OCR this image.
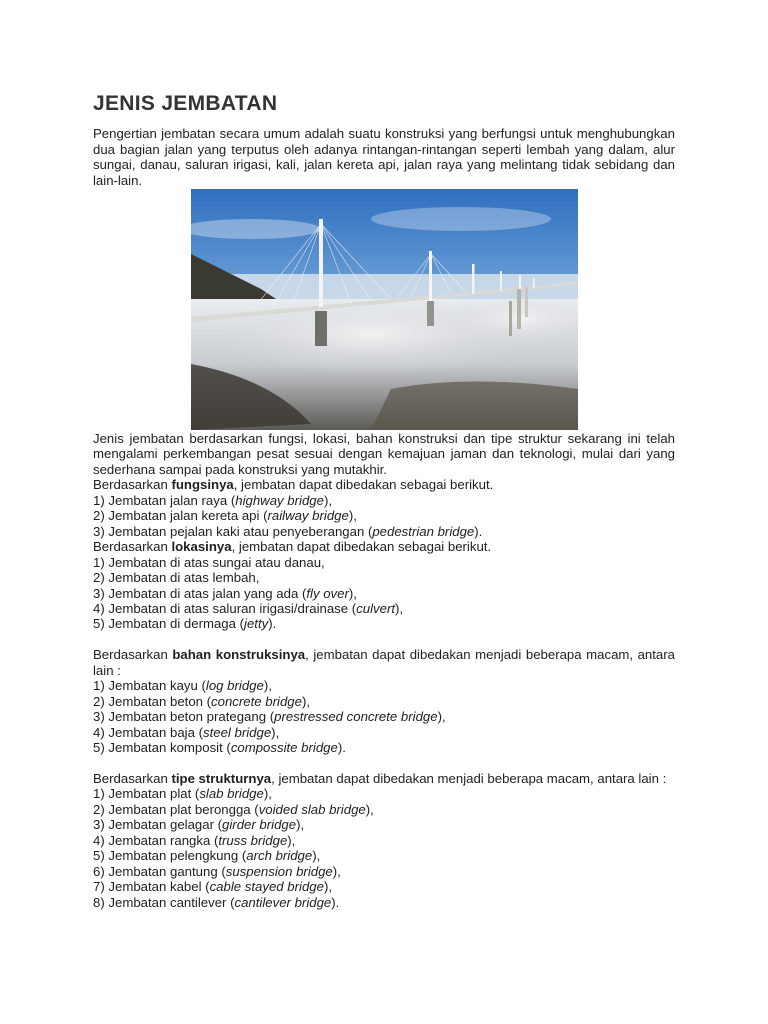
JENIS JEMBATAN

Pengertian jembatan secara umum adalah suatu konstruksi yang berfungsi untuk menghubungkan dua bagian jalan yang terputus oleh adanya rintangan-rintangan seperti lembah yang dalam, alur sungai, danau, saluran irigasi, kali, jalan kereta api, jalan raya yang melintang tidak sebidang dan lain-lain.

Jenis jembatan berdasarkan fungsi, lokasi, bahan konstruksi dan tipe struktur sekarang ini telah mengalami perkembangan pesat sesuai dengan kemajuan jaman dan teknologi, mulai dari yang sederhana sampai pada konstruksi yang mutakhir.

Berdasarkan fungsinya, jembatan dapat dibedakan sebagai berikut.

1) Jembatan jalan raya (highway bridge),
2) Jembatan jalan kereta api (railway bridge),
3) Jembatan pejalan kaki atau penyeberangan (pedestrian bridge).

Berdasarkan lokasinya, jembatan dapat dibedakan sebagai berikut.

1) Jembatan di atas sungai atau danau,
2) Jembatan di atas lembah,
3) Jembatan di atas jalan yang ada (fly over),
4) Jembatan di atas saluran irigasi/drainase (culvert),
5) Jembatan di dermaga (jetty).

Berdasarkan bahan konstruksinya, jembatan dapat dibedakan menjadi beberapa macam, antara lain :

1) Jembatan kayu (log bridge),
2) Jembatan beton (concrete bridge),
3) Jembatan beton prategang (prestressed concrete bridge),
4) Jembatan baja (steel bridge),
5) Jembatan komposit (compossite bridge).

Berdasarkan tipe strukturnya, jembatan dapat dibedakan menjadi beberapa macam, antara lain :

1) Jembatan plat (slab bridge),
2) Jembatan plat berongga (voided slab bridge),
3) Jembatan gelagar (girder bridge),
4) Jembatan rangka (truss bridge),
5) Jembatan pelengkung (arch bridge),
6) Jembatan gantung (suspension bridge),
7) Jembatan kabel (cable stayed bridge),
8) Jembatan cantilever (cantilever bridge).
